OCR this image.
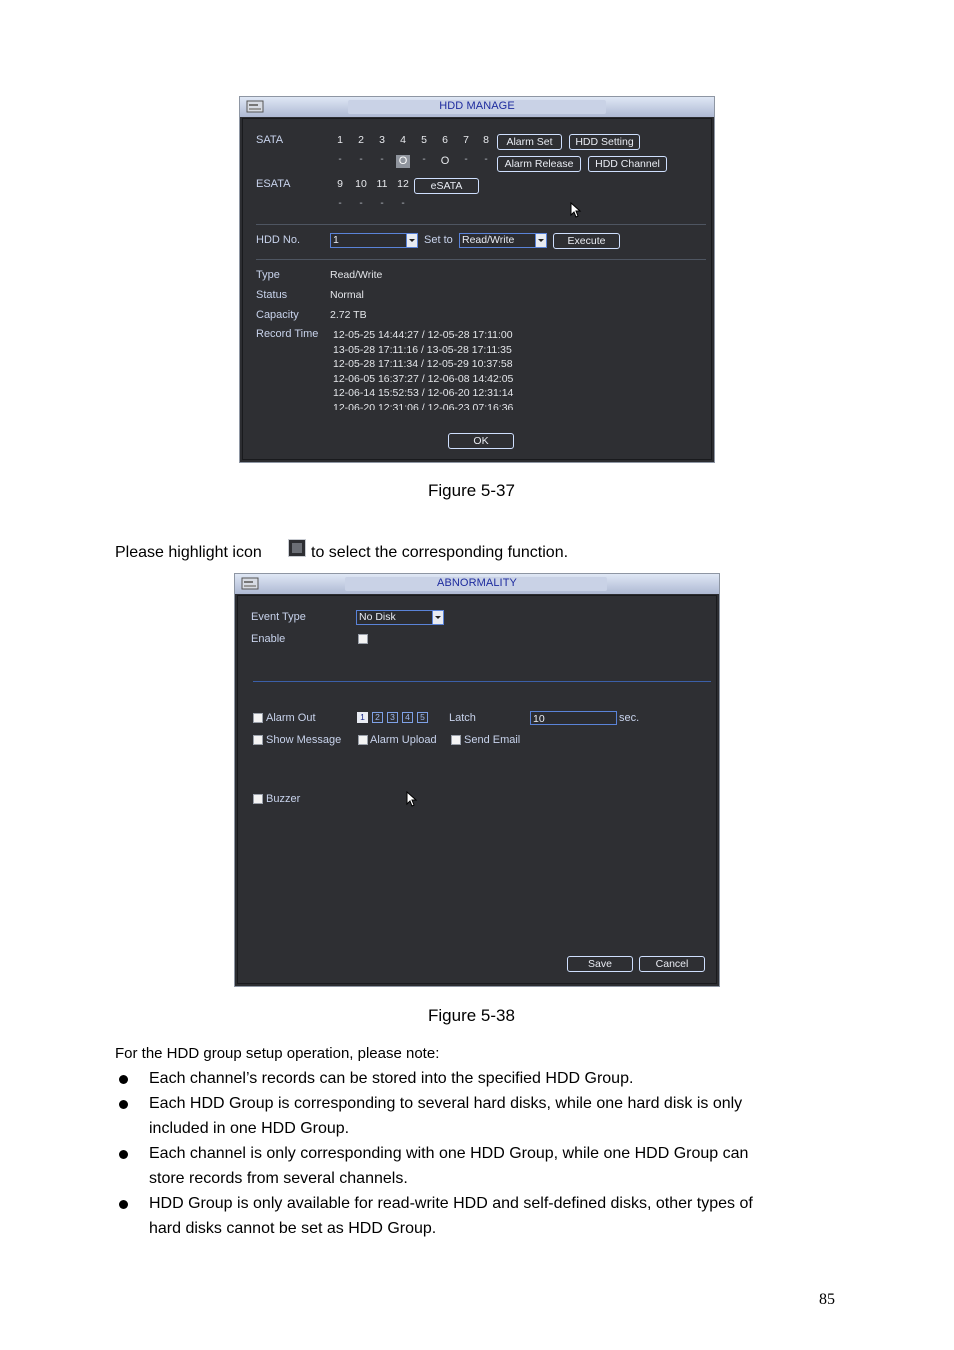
HDD MANAGE
SATA	1	2	3	4	5	6	7	8
-	-	-	O	-	O	-	-
ESATA	9	10 11 12
-	-	-	-
Alarm Set	HDD Setting
Alarm Release	HDD Channel
eSATA
HDD No.	1	Set to Read/Write	Execute
Type	Read/Write
Status	Normal
Capacity	2.72 TB
Record Time 12-05-25 14:44:27 / 12-05-28 17:11:00
13-05-28 17:11:16 / 13-05-28 17:11:35
12-05-28 17:11:34 / 12-05-29 10:37:58
12-06-05 16:37:27 / 12-06-08 14:42:05
12-06-14 15:52:53 / 12-06-20 12:31:14
12-06-20 12:31:06 / 12-06-23 07:16:36
OK
Figure 5-37
Please highlight icon	to select the corresponding function.
ABNORMALITY
Event Type	No Disk
Enable
Alarm Out	1	2	3	4	5 Latch	10	sec.
Show Message	Alarm Upload Send Email
Buzzer
Save	Cancel
Figure 5-38
For the HDD group setup operation, please note:
Each channel’s records can be stored into the specified HDD Group.
Each HDD Group is corresponding to several hard disks, while one hard disk is only
included in one HDD Group.
Each channel is only corresponding with one HDD Group, while one HDD Group can
store records from several channels.
HDD Group is only available for read-write HDD and self-defined disks, other types of
hard disks cannot be set as HDD Group.
85
